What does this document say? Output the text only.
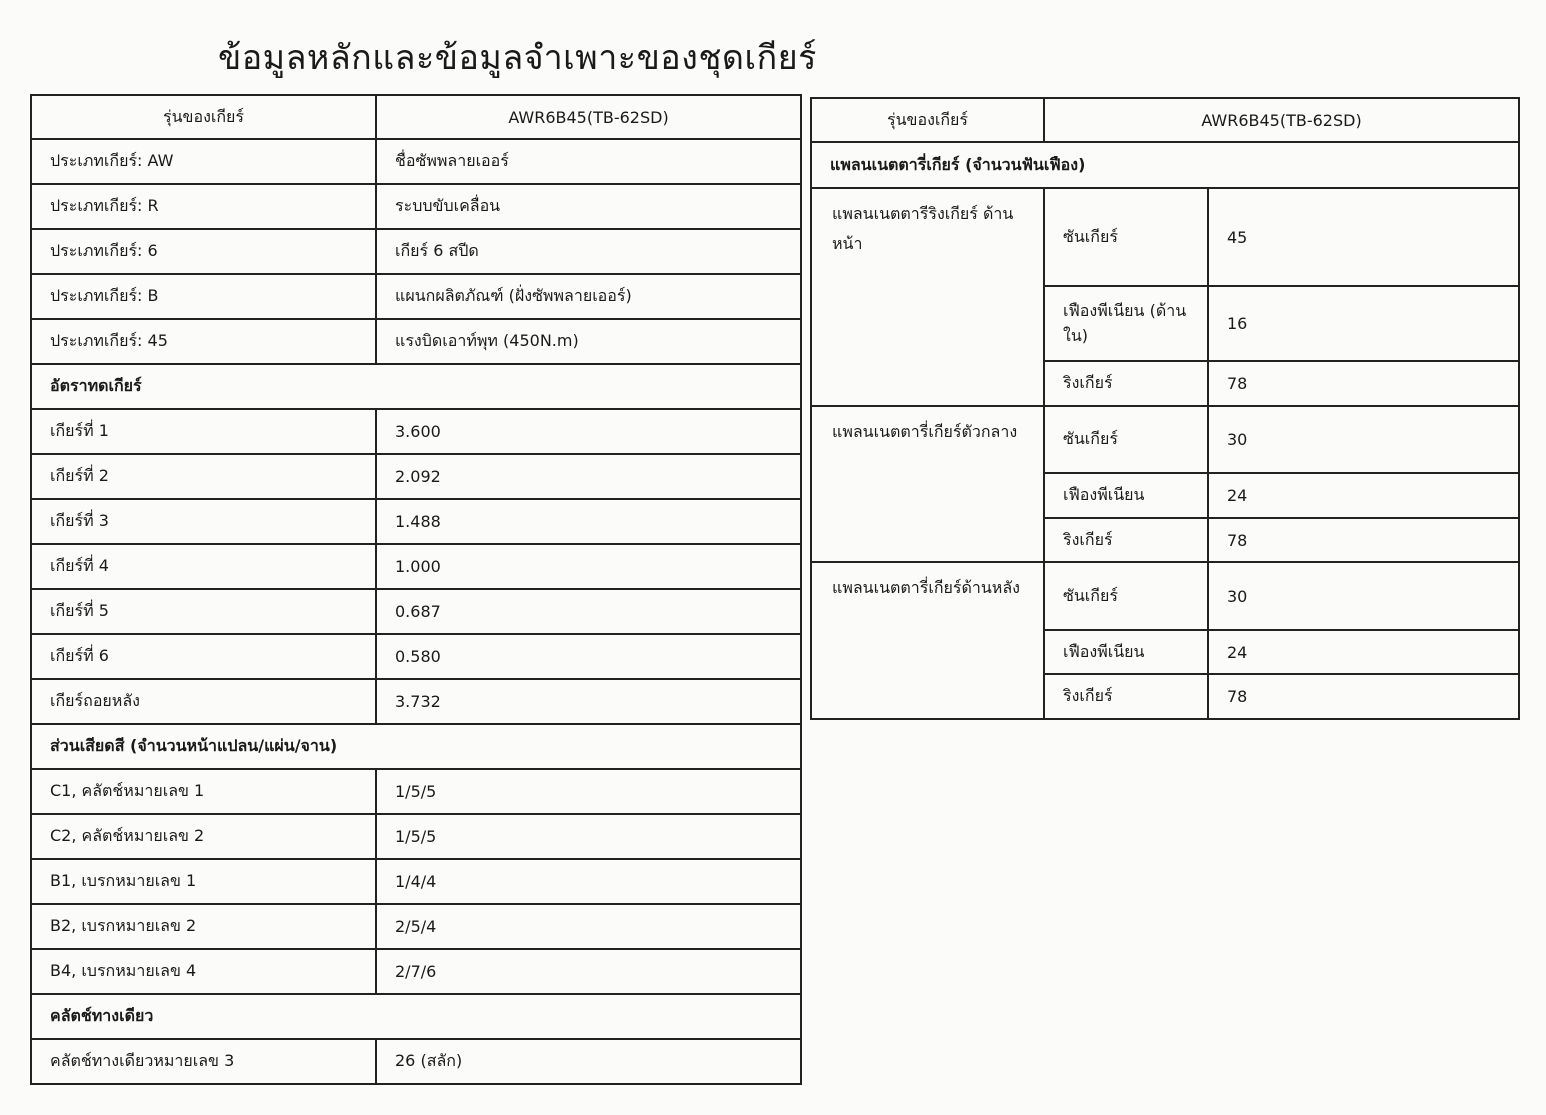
ข้อมูลหลักและข้อมูลจำเพาะของชุดเกียร์
รุ่นของเกียร์	AWR6B45(TB-62SD)
ประเภทเกียร์: AW	ชื่อซัพพลายเออร์
ประเภทเกียร์: R	ระบบขับเคลื่อน
ประเภทเกียร์: 6	เกียร์ 6 สปีด
ประเภทเกียร์: B	แผนกผลิตภัณฑ์ (ฝั่งซัพพลายเออร์)
ประเภทเกียร์: 45	แรงบิดเอาท์พุท (450N.m)
อัตราทดเกียร์	
เกียร์ที่ 1	3.600
เกียร์ที่ 2	2.092
เกียร์ที่ 3	1.488
เกียร์ที่ 4	1.000
เกียร์ที่ 5	0.687
เกียร์ที่ 6	0.580
เกียร์ถอยหลัง	3.732
ส่วนเสียดสี (จำนวนหน้าแปลน/แผ่น/จาน)	
C1, คลัตช์หมายเลข 1	1/5/5
C2, คลัตช์หมายเลข 2	1/5/5
B1, เบรกหมายเลข 1	1/4/4
B2, เบรกหมายเลข 2	2/5/4
B4, เบรกหมายเลข 4	2/7/6
คลัตช์ทางเดียว	
คลัตช์ทางเดียวหมายเลข 3	26 (สลัก)
รุ่นของเกียร์	AWR6B45(TB-62SD)	
แพลนเนตตารี่เกียร์ (จำนวนฟันเฟือง)		
แพลนเนตตารีริงเกียร์ ด้านหน้า	ซันเกียร์	45
	เฟืองพีเนียน (ด้านใน)	16
	ริงเกียร์	78
แพลนเนตตารี่เกียร์ตัวกลาง	ซันเกียร์	30
	เฟืองพีเนียน	24
	ริงเกียร์	78
แพลนเนตตารี่เกียร์ด้านหลัง	ซันเกียร์	30
	เฟืองพีเนียน	24
	ริงเกียร์	78
